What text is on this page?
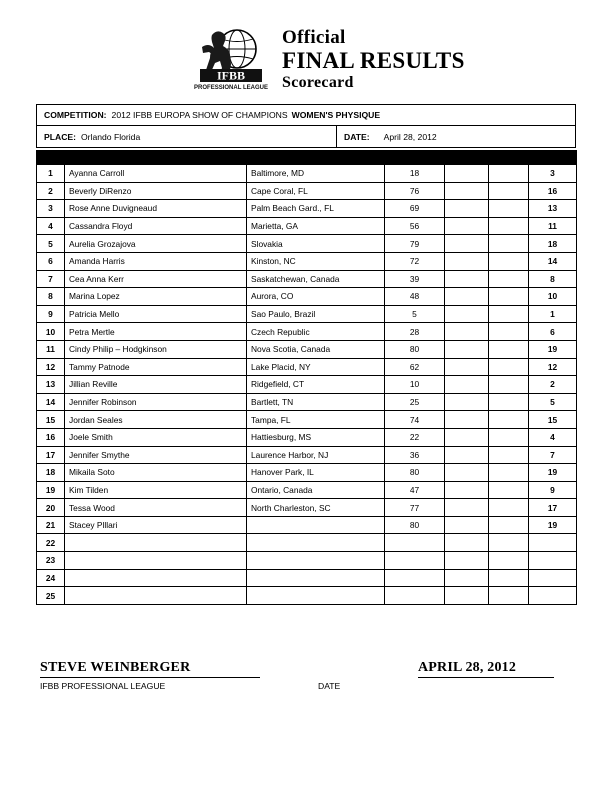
IFBB
PROFESSIONAL LEAGUE
Official
FINAL RESULTS
Scorecard
COMPETITION: 2012 IFBB EUROPA SHOW OF CHAMPIONS WOMEN'S PHYSIQUE
PLACE: Orlando Florida	DATE: April 28, 2012

1	Ayanna Carroll	Baltimore, MD	18			3
2	Beverly DiRenzo	Cape Coral, FL	76			16
3	Rose Anne Duvigneaud	Palm Beach Gard., FL	69			13
4	Cassandra Floyd	Marietta, GA	56			11
5	Aurelia Grozajova	Slovakia	79			18
6	Amanda Harris	Kinston, NC	72			14
7	Cea Anna Kerr	Saskatchewan, Canada	39			8
8	Marina Lopez	Aurora, CO	48			10
9	Patricia Mello	Sao Paulo, Brazil	5			1
10	Petra Mertle	Czech Republic	28			6
11	Cindy Philip – Hodgkinson	Nova Scotia, Canada	80			19
12	Tammy Patnode	Lake Placid, NY	62			12
13	Jillian Reville	Ridgefield, CT	10			2
14	Jennifer Robinson	Bartlett, TN	25			5
15	Jordan Seales	Tampa, FL	74			15
16	Joele Smith	Hattiesburg, MS	22			4
17	Jennifer Smythe	Laurence Harbor, NJ	36			7
18	Mikaila Soto	Hanover Park, IL	80			19
19	Kim Tilden	Ontario, Canada	47			9
20	Tessa Wood	North Charleston, SC	77			17
21	Stacey Plllari		80			19
22						
23						
24						
25						
STEVE WEINBERGER	APRIL 28, 2012
IFBB PROFESSIONAL LEAGUE	DATE
